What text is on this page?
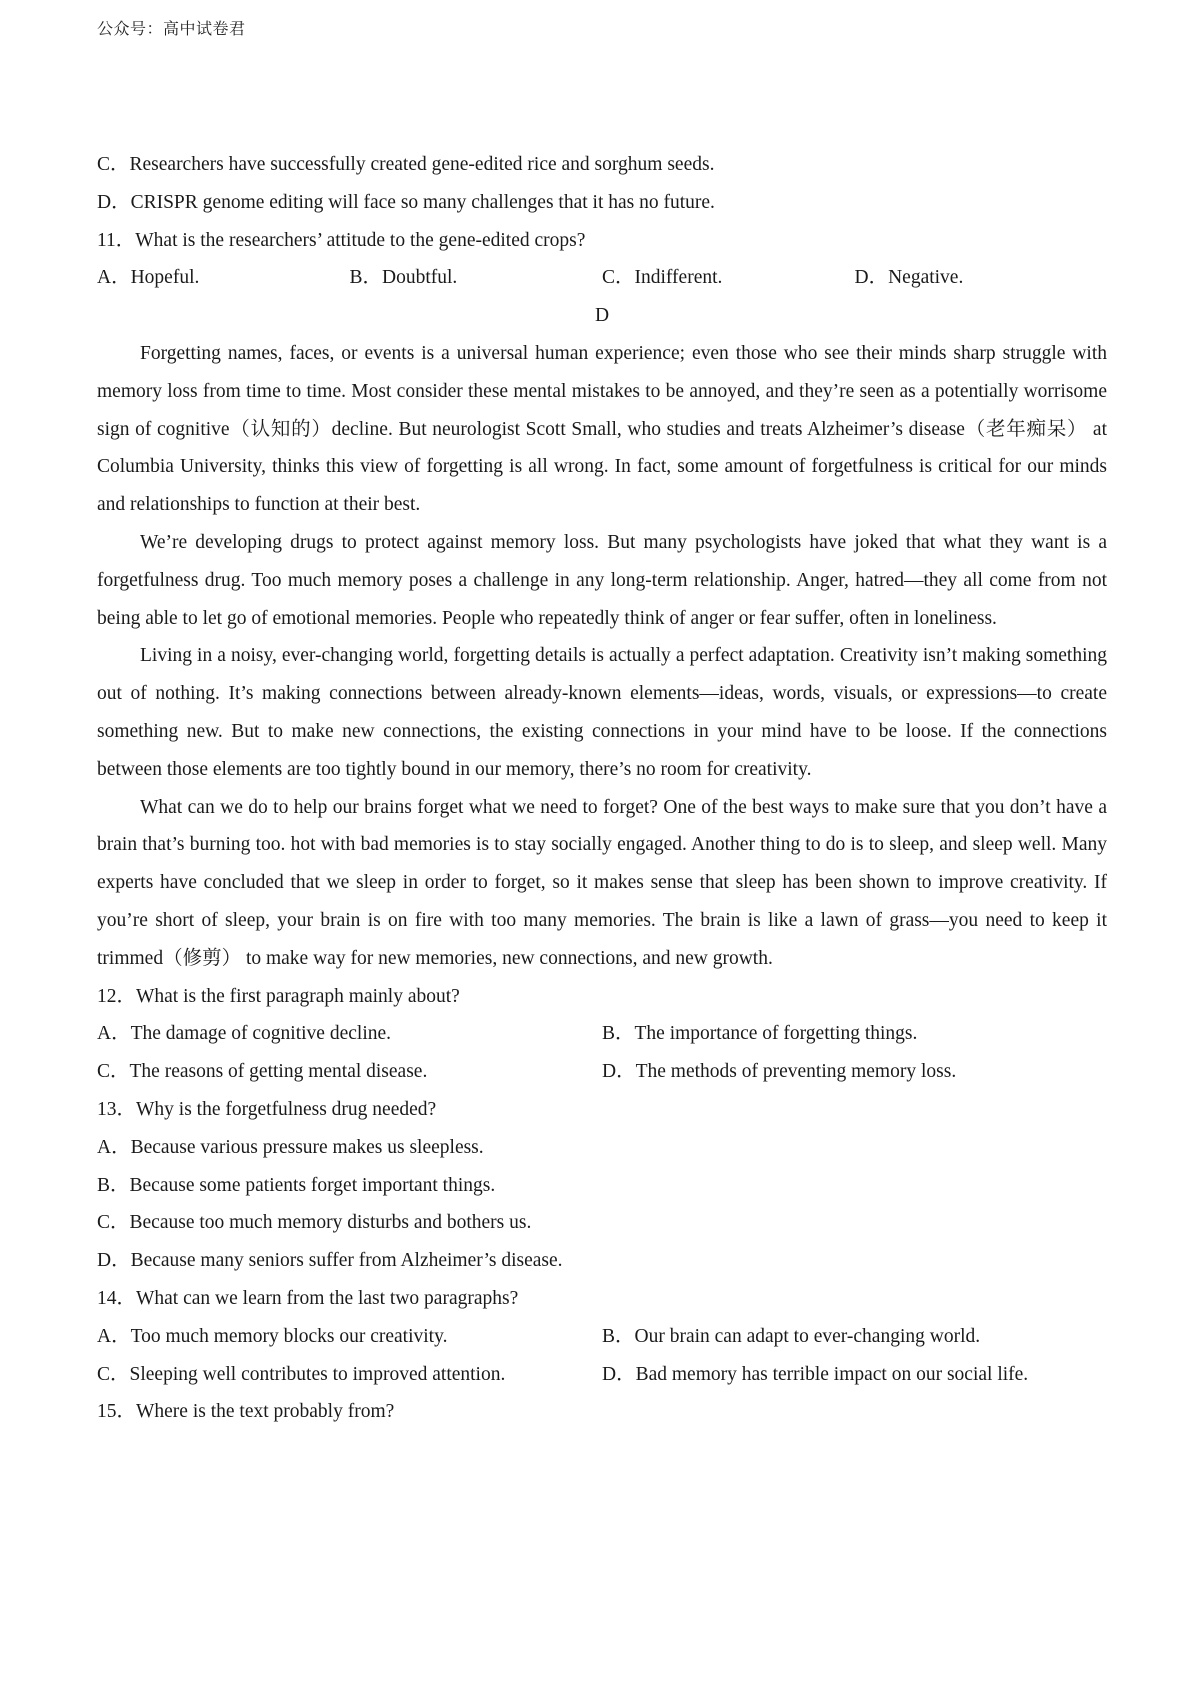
公众号：高中试卷君
C．Researchers have successfully created gene-edited rice and sorghum seeds.
D．CRISPR genome editing will face so many challenges that it has no future.
11．What is the researchers’ attitude to the gene-edited crops?
A．Hopeful.	B．Doubtful.	C．Indifferent.	D．Negative.
D

Forgetting names, faces, or events is a universal human experience; even those who see their minds sharp struggle with memory loss from time to time. Most consider these mental mistakes to be annoyed, and they’re seen as a potentially worrisome sign of cognitive（认知的）decline. But neurologist Scott Small, who studies and treats Alzheimer’s disease（老年痴呆） at Columbia University, thinks this view of forgetting is all wrong. In fact, some amount of forgetfulness is critical for our minds and relationships to function at their best.

We’re developing drugs to protect against memory loss. But many psychologists have joked that what they want is a forgetfulness drug. Too much memory poses a challenge in any long-term relationship. Anger, hatred—they all come from not being able to let go of emotional memories. People who repeatedly think of anger or fear suffer, often in loneliness.

Living in a noisy, ever-changing world, forgetting details is actually a perfect adaptation. Creativity isn’t making something out of nothing. It’s making connections between already-known elements—ideas, words, visuals, or expressions—to create something new. But to make new connections, the existing connections in your mind have to be loose. If the connections between those elements are too tightly bound in our memory, there’s no room for creativity.

What can we do to help our brains forget what we need to forget? One of the best ways to make sure that you don’t have a brain that’s burning too. hot with bad memories is to stay socially engaged. Another thing to do is to sleep, and sleep well. Many experts have concluded that we sleep in order to forget, so it makes sense that sleep has been shown to improve creativity. If you’re short of sleep, your brain is on fire with too many memories. The brain is like a lawn of grass—you need to keep it trimmed（修剪） to make way for new memories, new connections, and new growth.

12．What is the first paragraph mainly about?
A．The damage of cognitive decline.	B．The importance of forgetting things.
C．The reasons of getting mental disease.	D．The methods of preventing memory loss.
13．Why is the forgetfulness drug needed?
A．Because various pressure makes us sleepless.
B．Because some patients forget important things.
C．Because too much memory disturbs and bothers us.
D．Because many seniors suffer from Alzheimer’s disease.
14．What can we learn from the last two paragraphs?
A．Too much memory blocks our creativity.	B．Our brain can adapt to ever-changing world.
C．Sleeping well contributes to improved attention.	D．Bad memory has terrible impact on our social life.
15．Where is the text probably from?
